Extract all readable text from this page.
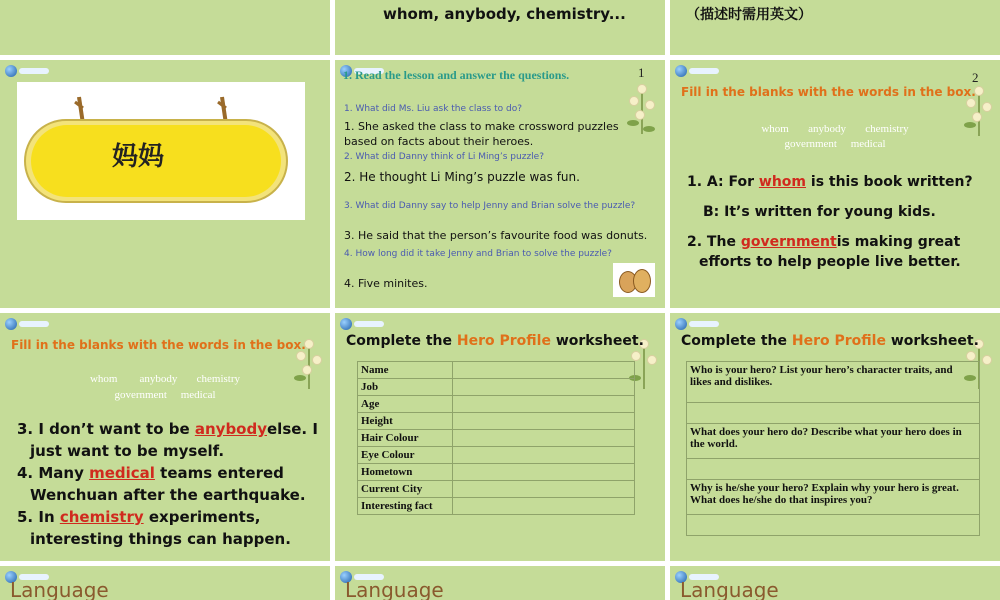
whom, anybody, chemistry...	（描述时需用英文）
妈妈
1. Read the lesson and answer the questions.	1
1. What did Ms. Liu ask the class to do?
1. She asked the class to make crossword puzzles based on facts about their heroes.
2. What did Danny think of Li Ming’s puzzle?
2. He thought Li Ming’s puzzle was fun.
3. What did Danny say to help Jenny and Brian solve the puzzle?
3. He said that the person’s favourite food was donuts.
4. How long did it take Jenny and Brian to solve the puzzle?
4. Five minites.
Fill in the blanks with the words in the box.
2
whom       anybody       chemistry
government     medical
1. A: For whom is this book written?
B: It’s written for young kids.
2. The governmentis making great
efforts to help people live better.
Fill in the blanks with the words in the box.
whom        anybody       chemistry
government     medical
3. I don’t want to be anybodyelse. I
just want to be myself.
4. Many medical teams entered
Wenchuan after the earthquake.
5. In chemistry experiments,
interesting things can happen.
Complete the Hero Profile worksheet.
Name	
Job	
Age	
Height	
Hair Colour	
Eye Colour	
Hometown	
Current City	
Interesting fact	
Complete the Hero Profile worksheet.
Who is your hero? List your hero’s character traits, and likes and dislikes.

What does your hero do? Describe what your hero does in the world.

Why is he/she your hero? Explain why your hero is great. What does he/she do that inspires you?

Language	Language	Language
